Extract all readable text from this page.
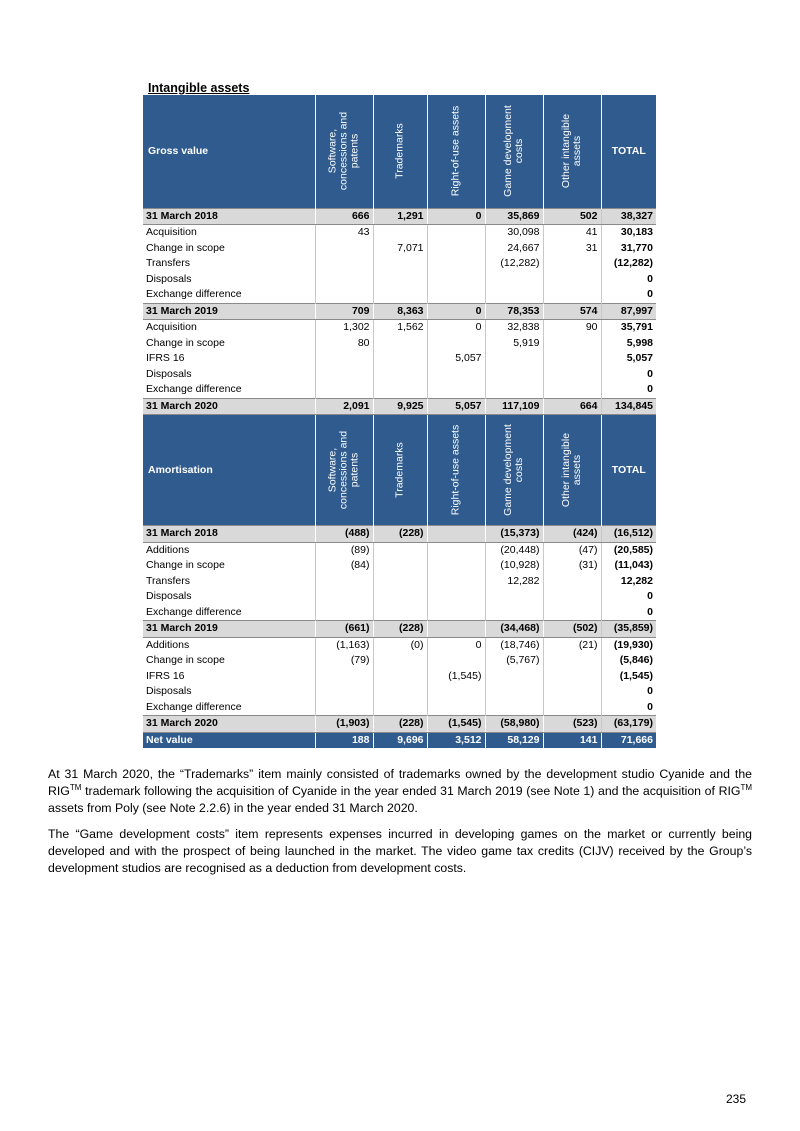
Intangible assets
Gross value	Software, concessions and patents	Trademarks	Right-of-use assets	Game development costs	Other intangible assets	TOTAL
31 March 2018	666	1,291	0	35,869	502	38,327
Acquisition	43			30,098	41	30,183
Change in scope		7,071		24,667	31	31,770
Transfers				(12,282)		(12,282)
Disposals						0
Exchange difference						0
31 March 2019	709	8,363	0	78,353	574	87,997
Acquisition	1,302	1,562	0	32,838	90	35,791
Change in scope	80			5,919		5,998
IFRS 16			5,057			5,057
Disposals						0
Exchange difference						0
31 March 2020	2,091	9,925	5,057	117,109	664	134,845
Amortisation	Software, concessions and patents	Trademarks	Right-of-use assets	Game development costs	Other intangible assets	TOTAL
31 March 2018	(488)	(228)		(15,373)	(424)	(16,512)
Additions	(89)			(20,448)	(47)	(20,585)
Change in scope	(84)			(10,928)	(31)	(11,043)
Transfers				12,282		12,282
Disposals						0
Exchange difference						0
31 March 2019	(661)	(228)		(34,468)	(502)	(35,859)
Additions	(1,163)	(0)	0	(18,746)	(21)	(19,930)
Change in scope	(79)			(5,767)		(5,846)
IFRS 16			(1,545)			(1,545)
Disposals						0
Exchange difference						0
31 March 2020	(1,903)	(228)	(1,545)	(58,980)	(523)	(63,179)
Net value	188	9,696	3,512	58,129	141	71,666

At 31 March 2020, the “Trademarks” item mainly consisted of trademarks owned by the development studio Cyanide and the RIG™ trademark following the acquisition of Cyanide in the year ended 31 March 2019 (see Note 1) and the acquisition of RIG™ assets from Poly (see Note 2.2.6) in the year ended 31 March 2020.

The “Game development costs” item represents expenses incurred in developing games on the market or currently being developed and with the prospect of being launched in the market. The video game tax credits (CIJV) received by the Group’s development studios are recognised as a deduction from development costs.

235
